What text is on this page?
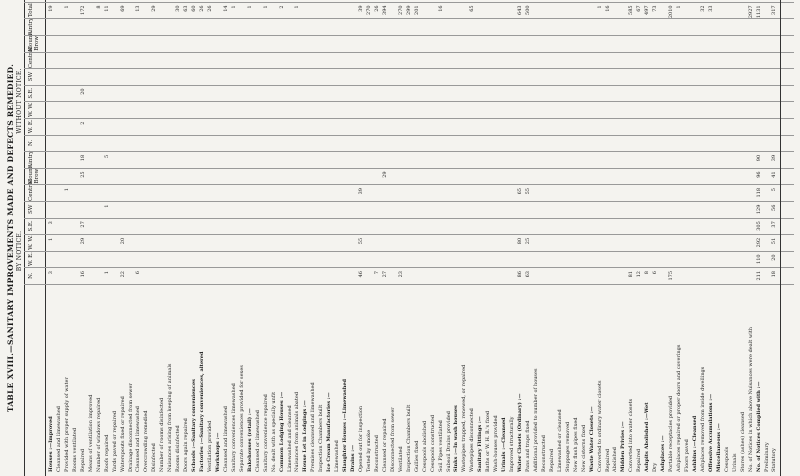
TABLE XVIII.—SANITARY IMPROVEMENTS MADE AND DEFECTS REMEDIED. BY NOTICE.
WITHOUT NOTICE.
N.
W. E.
W. W.
S.E.
SW
Central
Mount. Brow
Aintry
N.
W. E.
W. W.
S.E.
SW
Central
Mount. Brow
Aintry
Total
Houses :—Improved
3
1
3
19
Cleansed and limewashed Provided with proper supply of water
1
1
Rooms ventilated Repaired
16
29
27
25
18
2
20
172
Means of ventilation improved Number of windows repaired
8
Roofs repaired
1
1
5
11
Yards paved or repaired Waterspouts fixed or repaired
22
20
69
Drainage disconnected from sewer Cleansed and limewashed
6
13
Overcrowding remedied Disinfected
29
Number of rooms disinfected Nuisances arising from keeping of animals Rooms disinfected
30
Doors again repaired
63
Schools :—Sanitary conveniences
60
Factories :—Sanitary conveniences, altered
26
Ventilation provided
26
Workshops :— Cleansed and limewashed
14
Sanitary conveniences limewashed
1
Separate conveniences provided for sexes Bakehouses (retail) :—
1
Cleansed or limewashed Sanitary convenience repaired
1
No. dealt with as specially unfit Common Lodging Houses :—
2
Limewashed and cleansed Nuisances from animals abated
1
House Let in Lodgings :— Premises cleansed and limewashed Inspection Chambers built Ice Cream Manufactories :— Limewashed Slaughter Houses :—Limewashed Drains :— Opened out for inspection
46
55
39
39
Tested by smoke
270
Reconstructed
7
26
Cleansed or repaired
27
29
394
Disconnected from sewer Ventilated
23
270
Inspection Chambers built
299
Gullies fixed
201
Cesspools abolished Cesspools constructed Soil Pipes ventilated
16
Subsoil Drains provided Sinks :—In wash houses Wastepipes trapped, renewed, or repaired Wastepipes disconnected
65
Sanitary Fittings :— Baths or W. H. B.'s fixed Wash-houses provided Urinals :—Cleansed Improved structurally Water Closets (Ordinary) :—
86
80
65
643
Pans and traps fixed
63
25
55
500
Additional provided to number of houses Reconstructed Repaired Limewashed or cleansed Stoppages removed New flush pipes fixed New cisterns fixed Waste Water Closets :— Converted to ordinary water closets
1
Repaired
16
Abolished Midden Privies :— Converted into water closets
81
585
Repaired
12
67
Ashpits Abolished :—Wet
8
497
Dry
6
73
Ashplaces :— Portable receptacles provided
175
2010
Ashplaces repaired or proper doors and coverings
1
Floors paved Ashbins :—Cleansed Ashplaces removed from inside dwellings
32
Offensive Accumulations :—
33
Miscellaneous :— Cesspools Urinals Stores (ashes) cleansed No. of Notices in which above Nuisances were dealt with
2927
No. of Notices Complied with :—
211
110
292
305
129
118
96
90
1131
Preliminary Statutory
18
20
51
37
56
5
41
39
317
